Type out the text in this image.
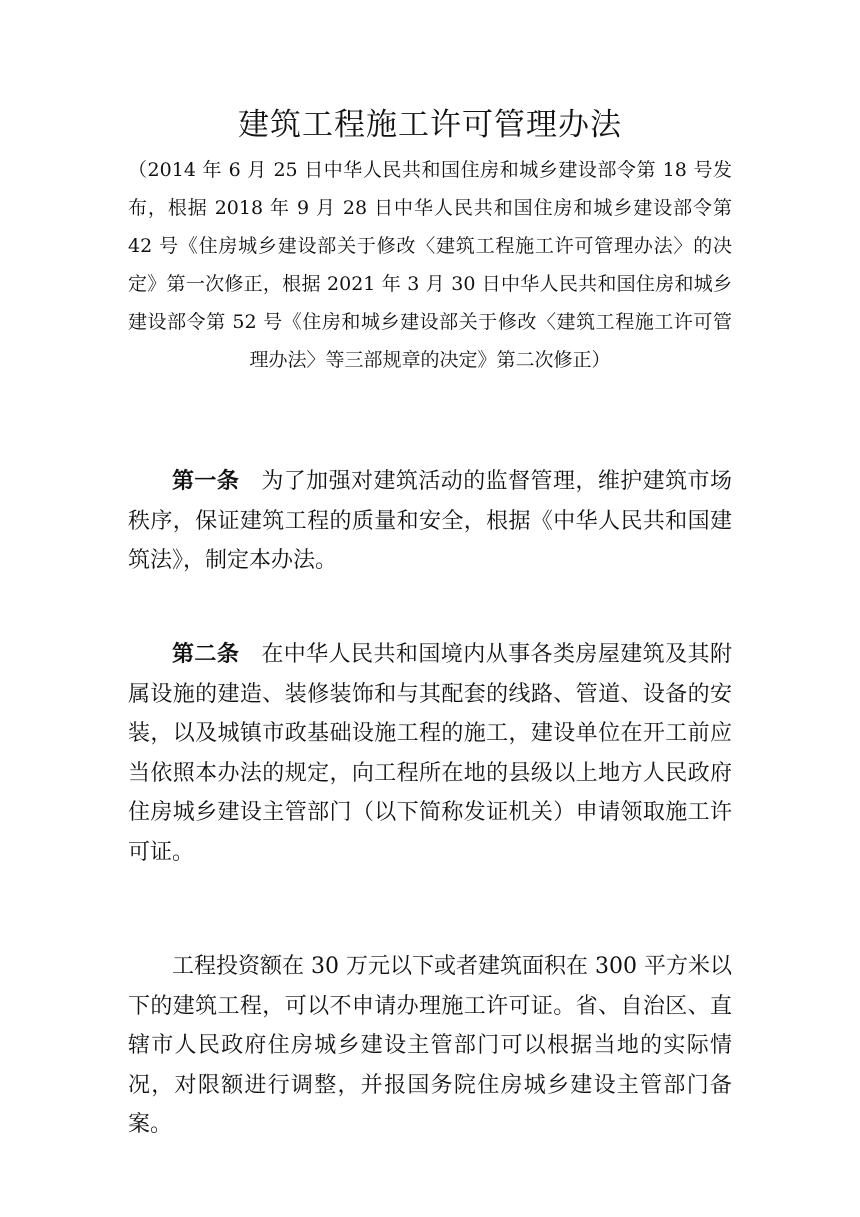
建筑工程施工许可管理办法

（2014 年 6 月 25 日中华人民共和国住房和城乡建设部令第 18 号发布，根据 2018 年 9 月 28 日中华人民共和国住房和城乡建设部令第 42 号《住房城乡建设部关于修改〈建筑工程施工许可管理办法〉的决定》第一次修正，根据 2021 年 3 月 30 日中华人民共和国住房和城乡建设部令第 52 号《住房和城乡建设部关于修改〈建筑工程施工许可管理办法〉等三部规章的决定》第二次修正）

第一条 为了加强对建筑活动的监督管理，维护建筑市场秩序，保证建筑工程的质量和安全，根据《中华人民共和国建筑法》，制定本办法。

第二条 在中华人民共和国境内从事各类房屋建筑及其附属设施的建造、装修装饰和与其配套的线路、管道、设备的安装，以及城镇市政基础设施工程的施工，建设单位在开工前应当依照本办法的规定，向工程所在地的县级以上地方人民政府住房城乡建设主管部门（以下简称发证机关）申请领取施工许可证。

工程投资额在 30 万元以下或者建筑面积在 300 平方米以下的建筑工程，可以不申请办理施工许可证。省、自治区、直辖市人民政府住房城乡建设主管部门可以根据当地的实际情况，对限额进行调整，并报国务院住房城乡建设主管部门备案。
